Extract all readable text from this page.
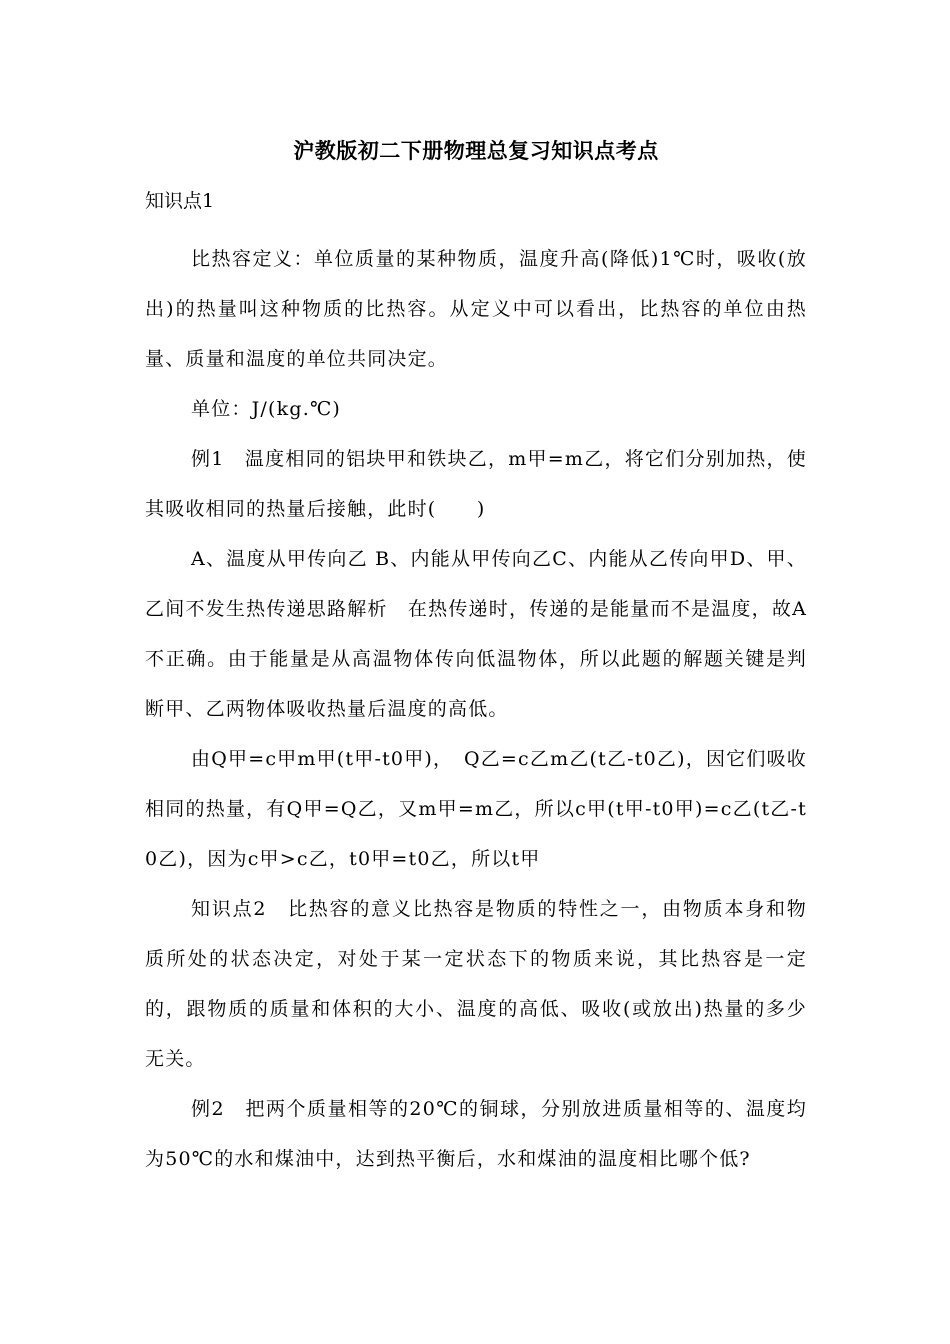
沪教版初二下册物理总复习知识点考点
知识点1

比热容定义：单位质量的某种物质，温度升高(降低)1℃时，吸收(放出)的热量叫这种物质的比热容。从定义中可以看出，比热容的单位由热量、质量和温度的单位共同决定。

单位：J/(kg.℃)

例1　温度相同的铝块甲和铁块乙，m甲=m乙，将它们分别加热，使其吸收相同的热量后接触，此时(　　)

A、温度从甲传向乙 B、内能从甲传向乙C、内能从乙传向甲D、甲、乙间不发生热传递思路解析　在热传递时，传递的是能量而不是温度，故A不正确。由于能量是从高温物体传向低温物体，所以此题的解题关键是判断甲、乙两物体吸收热量后温度的高低。

由Q甲=c甲m甲(t甲-t0甲)，　Q乙=c乙m乙(t乙-t0乙)，因它们吸收相同的热量，有Q甲=Q乙，又m甲=m乙，所以c甲(t甲-t0甲)=c乙(t乙-t0乙)，因为c甲>c乙，t0甲=t0乙，所以t甲

知识点2　比热容的意义比热容是物质的特性之一，由物质本身和物质所处的状态决定，对处于某一定状态下的物质来说，其比热容是一定的，跟物质的质量和体积的大小、温度的高低、吸收(或放出)热量的多少无关。

例2　把两个质量相等的20℃的铜球，分别放进质量相等的、温度均为50℃的水和煤油中，达到热平衡后，水和煤油的温度相比哪个低?
